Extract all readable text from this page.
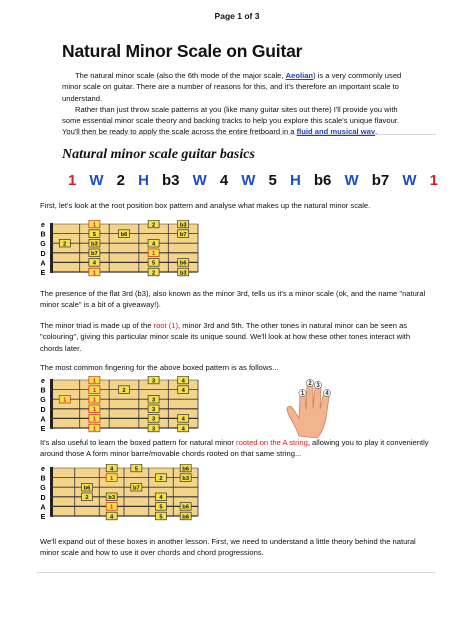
Page 1 of 3
Natural Minor Scale on Guitar

The natural minor scale (also the 6th mode of the major scale, Aeolian) is a very commonly used minor scale on guitar. There are a number of reasons for this, and it's therefore an important scale to understand.

Rather than just throw scale patterns at you (like many guitar sites out there) I'll provide you with some essential minor scale theory and backing tracks to help you explore this scale's unique flavour. You'll then be ready to apply the scale across the entire fretboard in a fluid and musical way.

Natural minor scale guitar basics
1 W 2 H b3 W 4 W 5 H b6 W b7 W 1
First, let's look at the root position box pattern and analyse what makes up the natural minor scale.
e
B
G
D
A
E
1	2	b3
5	b6	b7
2	b3	4
b7	1
4	5	b6
1	2	b3
The presence of the flat 3rd (b3), also known as the minor 3rd, tells us it's a minor scale (ok, and the name "natural minor scale" is a bit of a giveaway!).
The minor triad is made up of the root (1), minor 3rd and 5th. The other tones in natural minor can be seen as "colouring", giving this particular minor scale its unique sound. We'll look at how these other tones interact with chords later.
The most common fingering for the above boxed pattern is as follows...
e
B
G
D
A
E
1	3	4
1	2	4
1	1	3
1	3
1	3	4
1	3	4
1
2 3
4
It's also useful to learn the boxed pattern for natural minor rooted on the A string, allowing you to play it conveniently around those A form minor barre/movable chords rooted on that same string...
e
B
G
D
A
E
4	5	b6
1	2	b3
b6	b7
2	b3	4
1	5	b6
4	5	b6
We'll expand out of these boxes in another lesson. First, we need to understand a little theory behind the natural minor scale and how to use it over chords and chord progressions.
